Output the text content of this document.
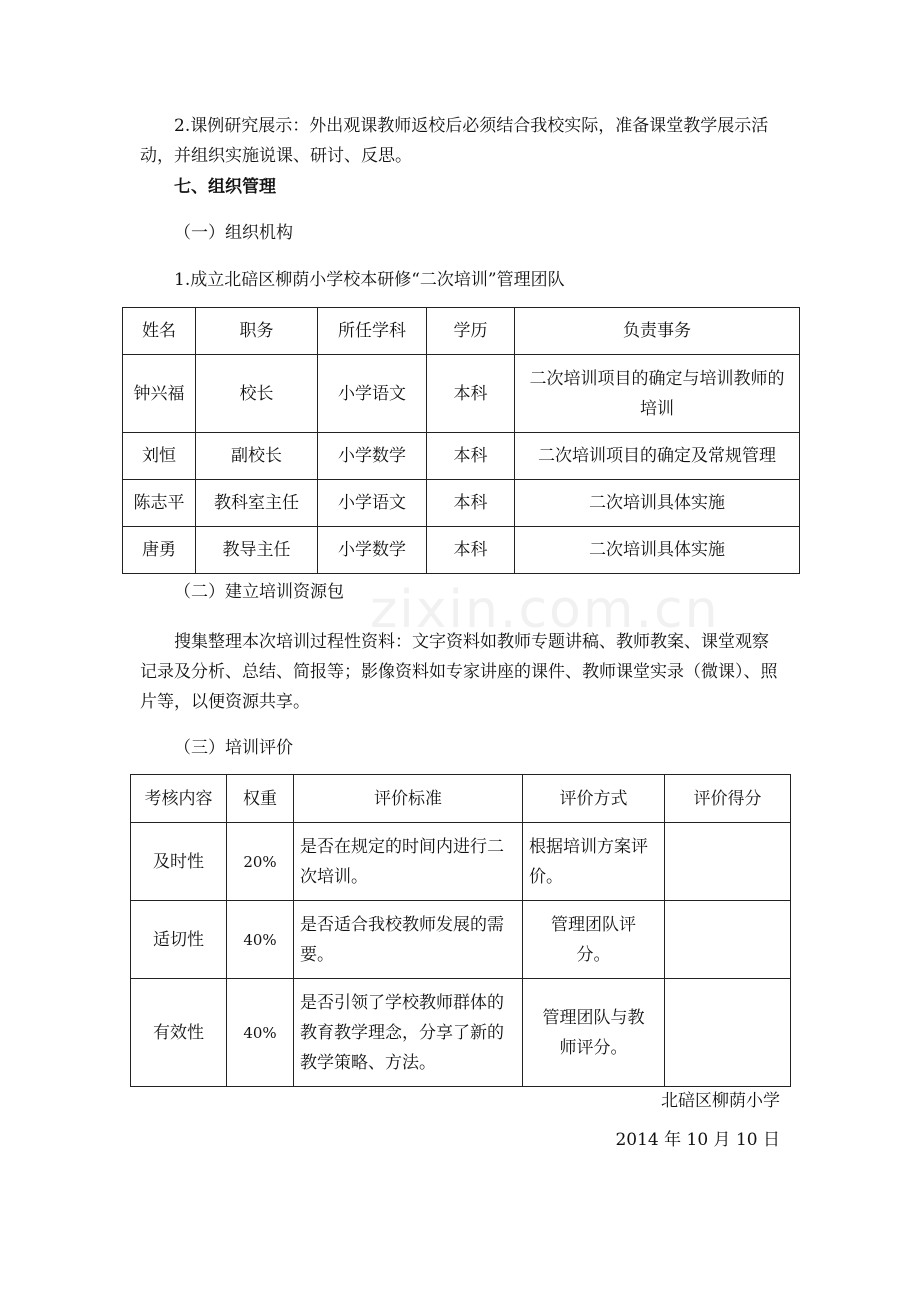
zixin.com.cn

2.课例研究展示：外出观课教师返校后必须结合我校实际，准备课堂教学展示活动，并组织实施说课、研讨、反思。

七、组织管理

（一）组织机构

1.成立北碚区柳荫小学校本研修“二次培训”管理团队

姓名	职务	所任学科	学历	负责事务
钟兴福	校长	小学语文	本科	二次培训项目的确定与培训教师的培训
刘恒	副校长	小学数学	本科	二次培训项目的确定及常规管理
陈志平	教科室主任	小学语文	本科	二次培训具体实施
唐勇	教导主任	小学数学	本科	二次培训具体实施

（二）建立培训资源包

搜集整理本次培训过程性资料：文字资料如教师专题讲稿、教师教案、课堂观察记录及分析、总结、简报等；影像资料如专家讲座的课件、教师课堂实录（微课）、照片等，以便资源共享。

（三）培训评价

考核内容	权重	评价标准	评价方式	评价得分
及时性	20%	是否在规定的时间内进行二次培训。	根据培训方案评价。	
适切性	40%	是否适合我校教师发展的需要。	管理团队评分。	
有效性	40%	是否引领了学校教师群体的教育教学理念，分享了新的教学策略、方法。	管理团队与教师评分。	

北碚区柳荫小学

2014 年 10 月 10 日
